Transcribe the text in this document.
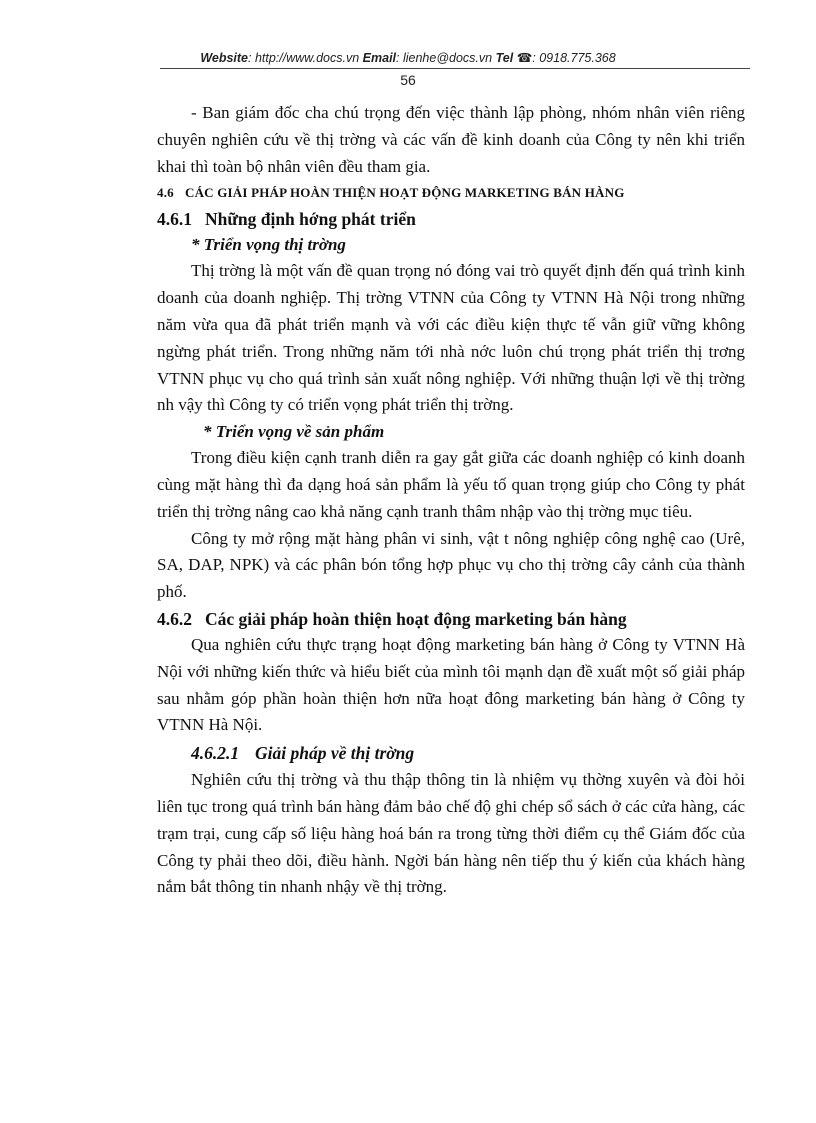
Website: http://www.docs.vn Email: lienhe@docs.vn Tel ☎: 0918.775.368
56

- Ban giám đốc cha chú trọng đến việc thành lập phòng, nhóm nhân viên riêng chuyên nghiên cứu về thị trờng và các vấn đề kinh doanh của Công ty nên khi triển khai thì toàn bộ nhân viên đều tham gia.

4.6 CÁC GIẢI PHÁP HOÀN THIỆN HOẠT ĐỘNG MARKETING BÁN HÀNG
4.6.1 Những định hớng phát triển
* Triển vọng thị trờng

Thị trờng là một vấn đề quan trọng nó đóng vai trò quyết định đến quá trình kinh doanh của doanh nghiệp. Thị trờng VTNN của Công ty VTNN Hà Nội trong những năm vừa qua đã phát triển mạnh và với các điều kiện thực tế vẫn giữ vững không ngừng phát triển. Trong những năm tới nhà nớc luôn chú trọng phát triển thị trơng VTNN phục vụ cho quá trình sản xuất nông nghiệp. Với những thuận lợi về thị trờng nh vậy thì Công ty có triển vọng phát triển thị trờng.

* Triển vọng về sản phẩm

Trong điều kiện cạnh tranh diễn ra gay gắt giữa các doanh nghiệp có kinh doanh cùng mặt hàng thì đa dạng hoá sản phẩm là yếu tố quan trọng giúp cho Công ty phát triển thị trờng nâng cao khả năng cạnh tranh thâm nhập vào thị trờng mục tiêu.

Công ty mở rộng mặt hàng phân vi sinh, vật t nông nghiệp công nghệ cao (Urê, SA, DAP, NPK) và các phân bón tổng hợp phục vụ cho thị trờng cây cảnh của thành phố.

4.6.2 Các giải pháp hoàn thiện hoạt động marketing bán hàng

Qua nghiên cứu thực trạng hoạt động marketing bán hàng ở Công ty VTNN Hà Nội với những kiến thức và hiểu biết của mình tôi mạnh dạn đề xuất một số giải pháp sau nhằm góp phần hoàn thiện hơn nữa hoạt đông marketing bán hàng ở Công ty VTNN Hà Nội.

4.6.2.1 Giải pháp về thị trờng

Nghiên cứu thị trờng và thu thập thông tin là nhiệm vụ thờng xuyên và đòi hỏi liên tục trong quá trình bán hàng đảm bảo chế độ ghi chép sổ sách ở các cửa hàng, các trạm trại, cung cấp số liệu hàng hoá bán ra trong từng thời điểm cụ thể Giám đốc của Công ty phải theo dõi, điều hành. Ngời bán hàng nên tiếp thu ý kiến của khách hàng nắm bắt thông tin nhanh nhậy về thị trờng.
